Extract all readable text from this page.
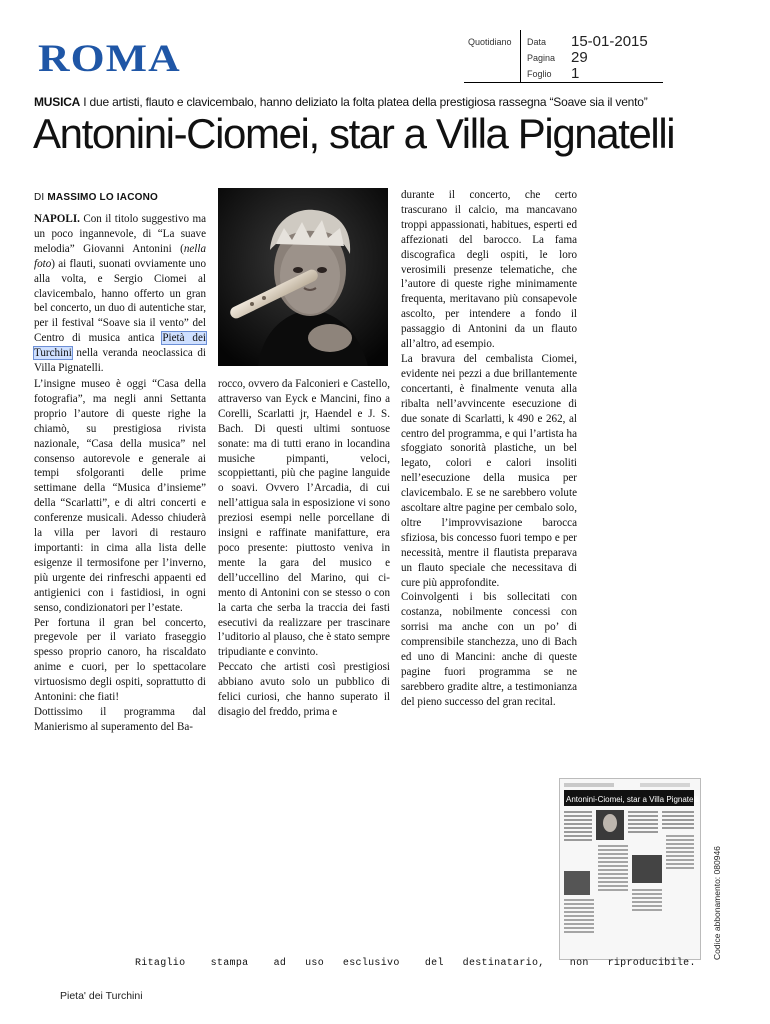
ROMA	Quotidiano Data 15-01-2015
Pagina 29
Foglio 1
MUSICA I due artisti, flauto e clavicembalo, hanno deliziato la folta platea della prestigiosa rassegna “Soave sia il vento”
Antonini-Ciomei, star a Villa Pignatelli
DI MASSIMO LO IACONO

NAPOLI. Con il titolo suggestivo ma un poco ingannevole, di “La suave melodia” Giovanni Antonini (nella foto) ai flauti, suonati ovviamente uno alla volta, e Sergio Ciomei al clavicembalo, hanno offerto un gran bel concerto, un duo di autentiche star, per il festival “Soave sia il vento” del Centro di musica antica Pietà dei Turchini nella veranda neoclassica di Villa Pignatelli.

L’insigne museo è oggi “Casa della fotografia”, ma negli anni Settanta proprio l’autore di queste righe la chiamò, su prestigiosa rivista nazionale, “Casa della musica” nel consenso autorevole e generale ai tempi sfolgoranti delle prime settimane della “Musica d’insieme” della “Scarlatti”, e di altri concerti e conferenze musicali. Adesso chiuderà la villa per lavori di restauro importanti: in cima alla lista delle esigenze il termosifone per l’inverno, più urgente dei rinfreschi appaenti ed antigienici con i fastidiosi, in ogni senso, condizionatori per l’estate.

Per fortuna il gran bel concerto, pregevole per il variato fraseggio spesso proprio canoro, ha riscaldato anime e cuori, per lo spettacolare virtuosismo degli ospiti, soprattutto di Antonini: che fiati!

Dottissimo il programma dal Manierismo al superamento del Ba-

rocco, ovvero da Falconieri e Castello, attraverso van Eyck e Mancini, fino a Corelli, Scarlatti jr, Haendel e J. S. Bach. Di questi ultimi sontuose sonate: ma di tutti erano in locandina musiche pimpanti, veloci, scoppiettanti, più che pagine languide o soavi. Ovvero l’Arcadia, di cui nell’attigua sala in esposizione vi sono preziosi esempi nelle porcellane di insigni e raffinate manifatture, era poco presente: piuttosto veniva in mente la gara del musico e dell’uccellino del Marino, qui ci-mento di Antonini con se stesso o con la carta che serba la traccia dei fasti esecutivi da realizzare per trascinare l’uditorio al plauso, che è stato sempre tripudiante e convinto.

Peccato che artisti così prestigiosi abbiano avuto solo un pubblico di felici curiosi, che hanno superato il disagio del freddo, prima e

durante il concerto, che certo trascurano il calcio, ma mancavano troppi appassionati, habitues, esperti ed affezionati del barocco. La fama discografica degli ospiti, le loro verosimili presenze telematiche, che l’autore di queste righe minimamente frequenta, meritavano più consapevole ascolto, per intendere a fondo il passaggio di Antonini da un flauto all’altro, ad esempio.

La bravura del cembalista Ciomei, evidente nei pezzi a due brillantemente concertanti, è finalmente venuta alla ribalta nell’avvincente esecuzione di due sonate di Scarlatti, k 490 e 262, al centro del programma, e qui l’artista ha sfoggiato sonorità plastiche, un bel legato, colori e calori insoliti nell’esecuzione della musica per clavicembalo. E se ne sarebbero volute ascoltare altre pagine per cembalo solo, oltre l’improvvisazione barocca sfiziosa, bis concesso fuori tempo e per necessità, mentre il flautista preparava un flauto speciale che necessitava di cure più approfondite.

Coinvolgenti i bis sollecitati con costanza, nobilmente concessi con sorrisi ma anche con un po’ di comprensibile stanchezza, uno di Bach ed uno di Mancini: anche di queste pagine fuori programma se ne sarebbero gradite altre, a testimonianza del pieno successo del gran recital.

Antonini-Ciomei, star a Villa Pignatelli
Codice abbonamento: 080946
Ritaglio    stampa    ad   uso   esclusivo    del   destinatario,    non   riproducibile.
Pieta' dei Turchini
